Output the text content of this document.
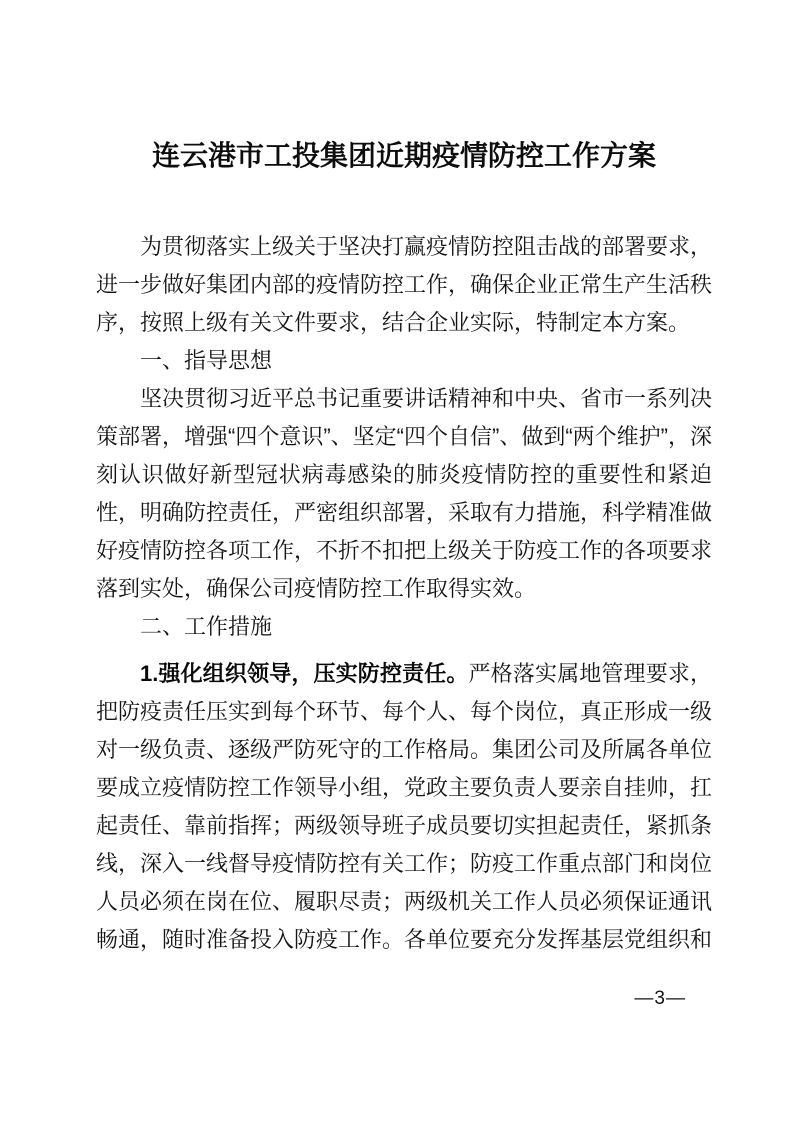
连云港市工投集团近期疫情防控工作方案

为贯彻落实上级关于坚决打赢疫情防控阻击战的部署要求，进一步做好集团内部的疫情防控工作，确保企业正常生产生活秩序，按照上级有关文件要求，结合企业实际，特制定本方案。

一、指导思想

坚决贯彻习近平总书记重要讲话精神和中央、省市一系列决策部署，增强“四个意识”、坚定“四个自信”、做到“两个维护”，深刻认识做好新型冠状病毒感染的肺炎疫情防控的重要性和紧迫性，明确防控责任，严密组织部署，采取有力措施，科学精准做好疫情防控各项工作，不折不扣把上级关于防疫工作的各项要求落到实处，确保公司疫情防控工作取得实效。

二、工作措施

1.强化组织领导，压实防控责任。严格落实属地管理要求，把防疫责任压实到每个环节、每个人、每个岗位，真正形成一级对一级负责、逐级严防死守的工作格局。集团公司及所属各单位要成立疫情防控工作领导小组，党政主要负责人要亲自挂帅，扛起责任、靠前指挥；两级领导班子成员要切实担起责任，紧抓条线，深入一线督导疫情防控有关工作；防疫工作重点部门和岗位人员必须在岗在位、履职尽责；两级机关工作人员必须保证通讯畅通，随时准备投入防疫工作。各单位要充分发挥基层党组织和

—3—
